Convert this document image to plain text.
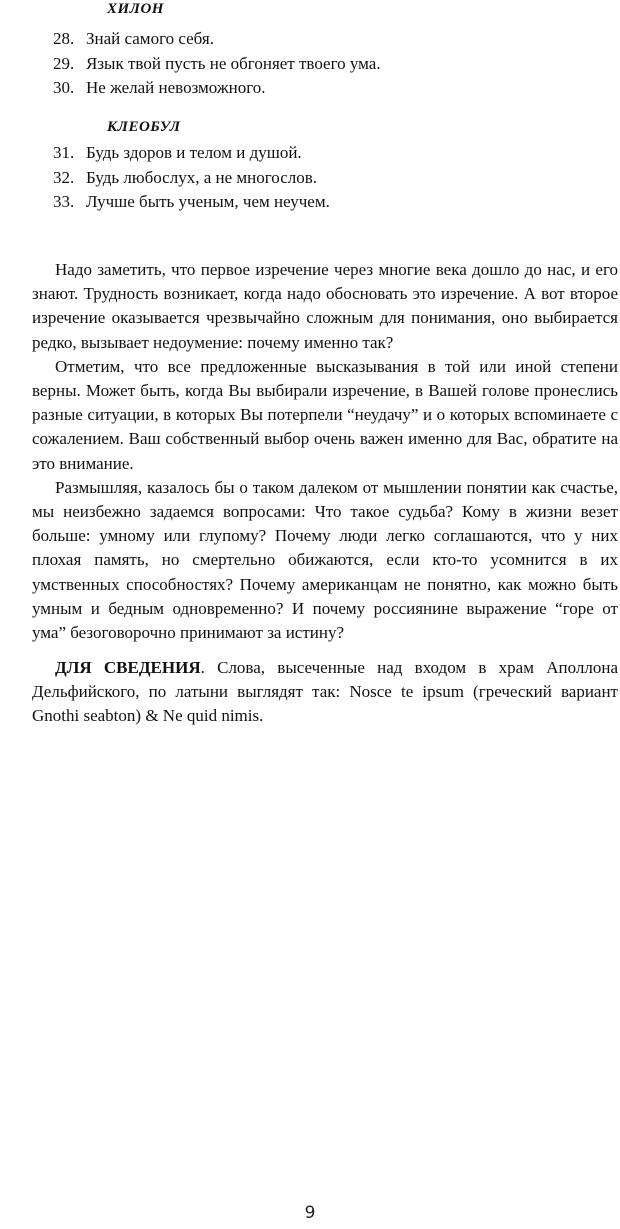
ХИЛОН
28. Знай самого себя.
29. Язык твой пусть не обгоняет твоего ума.
30. Не желай невозможного.
КЛЕОБУЛ
31. Будь здоров и телом и душой.
32. Будь любослух, а не многослов.
33. Лучше быть ученым, чем неучем.

Надо заметить, что первое изречение через многие века дошло до нас, и его знают. Трудность возникает, когда надо обосновать это изречение. А вот второе изречение оказывается чрезвычайно сложным для понимания, оно выбирается редко, вызывает недоумение: почему именно так?

Отметим, что все предложенные высказывания в той или иной степени верны. Может быть, когда Вы выбирали изречение, в Вашей голове пронеслись разные ситуации, в которых Вы потерпели “неудачу” и о которых вспоминаете с сожалением. Ваш собственный выбор очень важен именно для Вас, обратите на это внимание.

Размышляя, казалось бы о таком далеком от мышлении понятии как счастье, мы неизбежно задаемся вопросами: Что такое судьба? Кому в жизни везет больше: умному или глупому? Почему люди легко соглашаются, что у них плохая память, но смертельно обижаются, если кто-то усомнится в их умственных способностях? Почему американцам не понятно, как можно быть умным и бедным одновременно? И почему россиянине выражение “горе от ума” безоговорочно принимают за истину?

ДЛЯ СВЕДЕНИЯ. Слова, высеченные над входом в храм Аполлона Дельфийского, по латыни выглядят так: Nosce te ipsum (греческий вариант Gnothi seabton) & Ne quid nimis.

9
